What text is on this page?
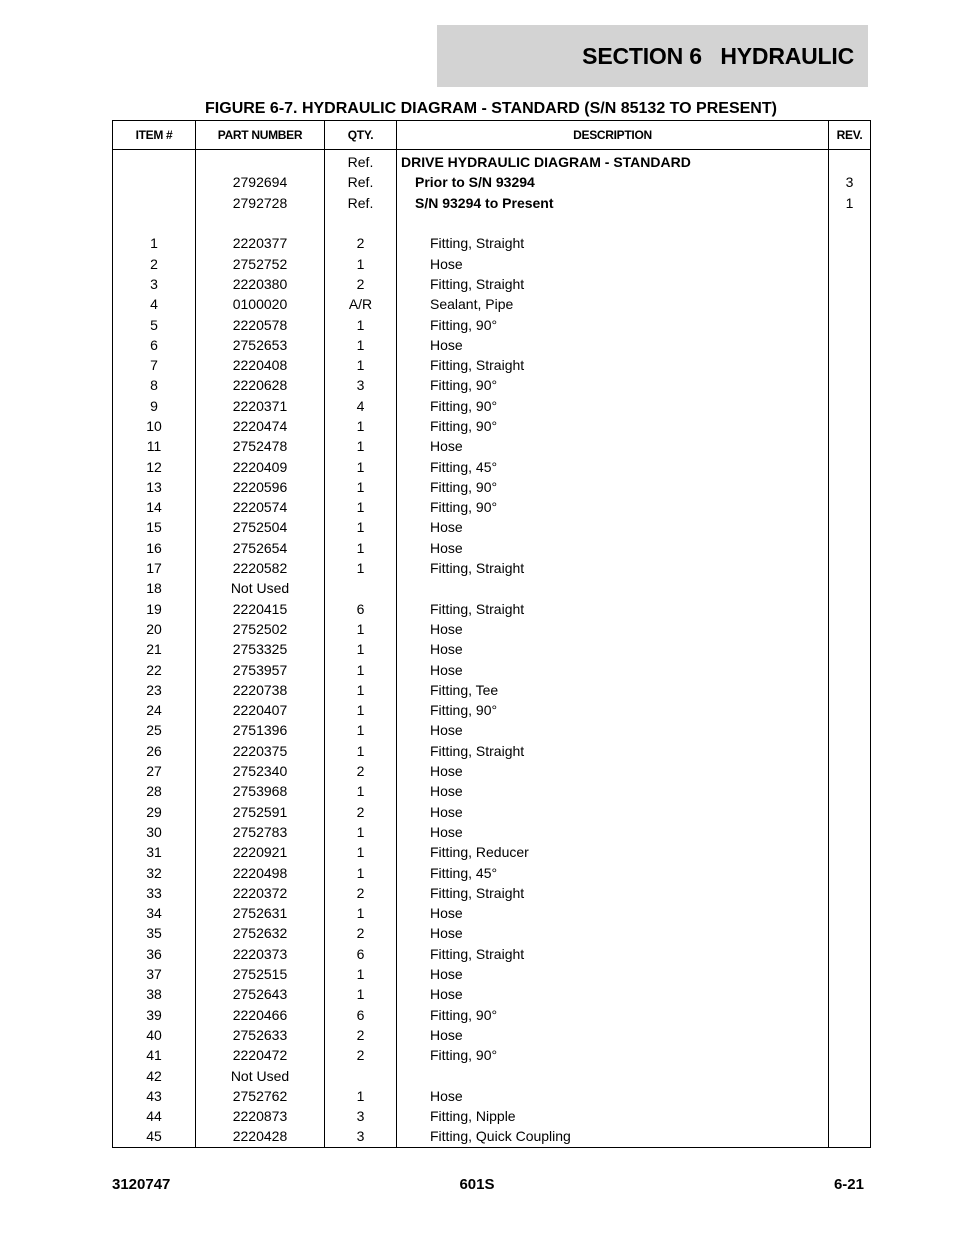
SECTION 6   HYDRAULIC
FIGURE 6-7. HYDRAULIC DIAGRAM - STANDARD (S/N 85132 TO PRESENT)
ITEM #	PART NUMBER	QTY.	DESCRIPTION	REV.
		Ref.	DRIVE HYDRAULIC DIAGRAM - STANDARD	
	2792694	Ref.	Prior to S/N 93294	3
	2792728	Ref.	S/N 93294 to Present	1

1	2220377	2	Fitting, Straight	
2	2752752	1	Hose	
3	2220380	2	Fitting, Straight	
4	0100020	A/R	Sealant, Pipe	
5	2220578	1	Fitting, 90°	
6	2752653	1	Hose	
7	2220408	1	Fitting, Straight	
8	2220628	3	Fitting, 90°	
9	2220371	4	Fitting, 90°	
10	2220474	1	Fitting, 90°	
11	2752478	1	Hose	
12	2220409	1	Fitting, 45°	
13	2220596	1	Fitting, 90°	
14	2220574	1	Fitting, 90°	
15	2752504	1	Hose	
16	2752654	1	Hose	
17	2220582	1	Fitting, Straight	
18	Not Used			
19	2220415	6	Fitting, Straight	
20	2752502	1	Hose	
21	2753325	1	Hose	
22	2753957	1	Hose	
23	2220738	1	Fitting, Tee	
24	2220407	1	Fitting, 90°	
25	2751396	1	Hose	
26	2220375	1	Fitting, Straight	
27	2752340	2	Hose	
28	2753968	1	Hose	
29	2752591	2	Hose	
30	2752783	1	Hose	
31	2220921	1	Fitting, Reducer	
32	2220498	1	Fitting, 45°	
33	2220372	2	Fitting, Straight	
34	2752631	1	Hose	
35	2752632	2	Hose	
36	2220373	6	Fitting, Straight	
37	2752515	1	Hose	
38	2752643	1	Hose	
39	2220466	6	Fitting, 90°	
40	2752633	2	Hose	
41	2220472	2	Fitting, 90°	
42	Not Used			
43	2752762	1	Hose	
44	2220873	3	Fitting, Nipple	
45	2220428	3	Fitting, Quick Coupling	
3120747	601S	6-21
